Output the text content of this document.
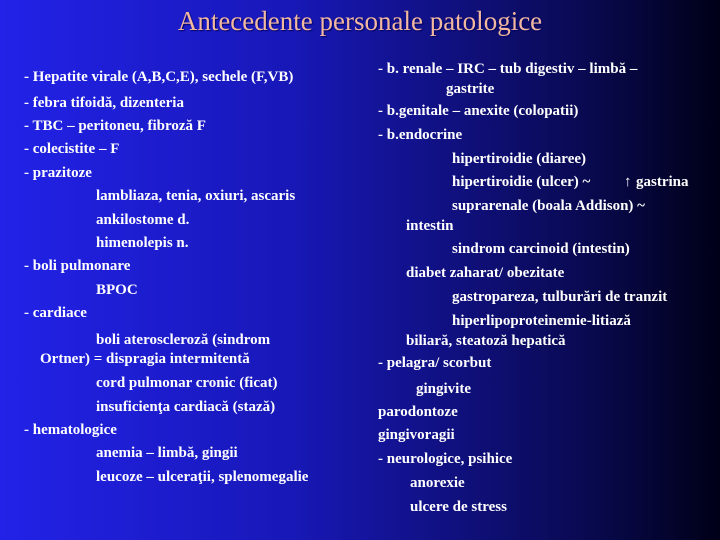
Antecedente personale patologice
- Hepatite virale (A,B,C,E), sechele (F,VB)
- febra tifoidă, dizenteria
- TBC – peritoneu, fibroză F
- colecistite – F
- prazitoze
lambliaza, tenia, oxiuri, ascaris
ankilostome d.
himenolepis n.
- boli pulmonare
BPOC
- cardiace
boli ateroscleroză (sindrom
Ortner) = dispragia intermitentă
cord pulmonar cronic (ficat)
insuficienţa cardiacă (stază)
- hematologice
anemia – limbă, gingii
leucoze – ulceraţii, splenomegalie
- b. renale – IRC – tub digestiv – limbă –
gastrite
- b.genitale – anexite (colopatii)
- b.endocrine
hipertiroidie (diaree)
hipertiroidie (ulcer) ~ ↑ gastrina
suprarenale (boala Addison) ~
intestin
sindrom carcinoid (intestin)
diabet zaharat/ obezitate
gastropareza, tulburări de tranzit
hiperlipoproteinemie-litiază
biliară, steatoză hepatică
- pelagra/ scorbut
gingivite
parodontoze
gingivoragii
- neurologice, psihice
anorexie
ulcere de stress
